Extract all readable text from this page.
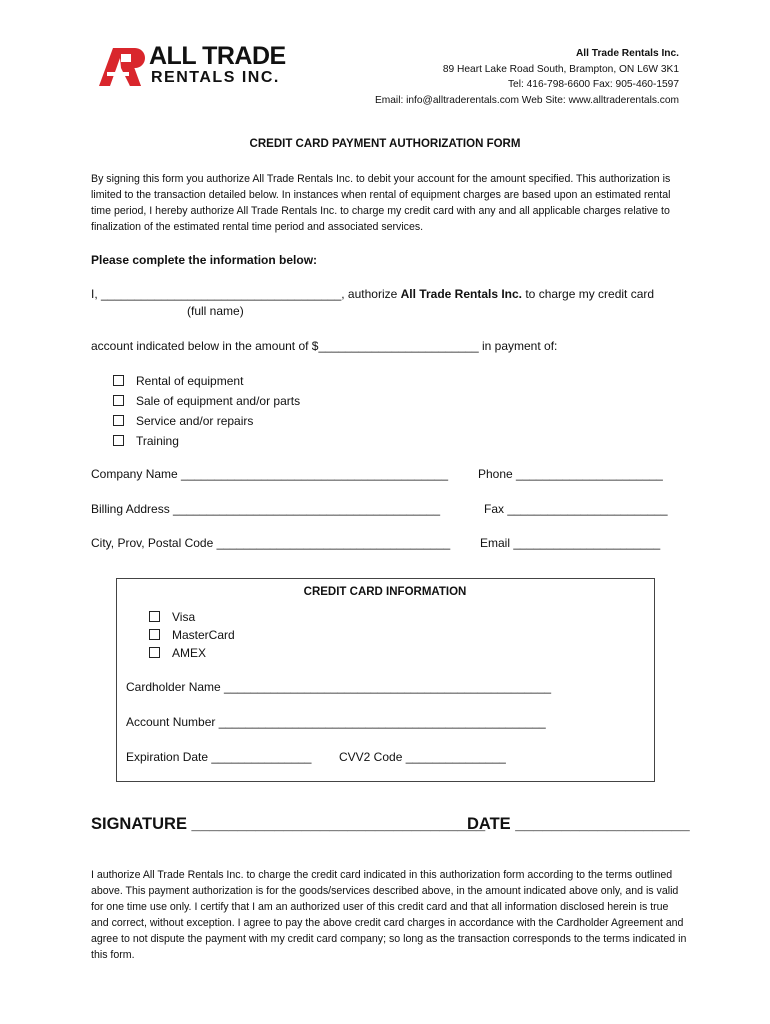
ALL TRADE
RENTALS INC.
All Trade Rentals Inc.
89 Heart Lake Road South, Brampton, ON L6W 3K1
Tel: 416-798-6600 Fax: 905-460-1597
Email: info@alltraderentals.com Web Site: www.alltraderentals.com
CREDIT CARD PAYMENT AUTHORIZATION FORM
By signing this form you authorize All Trade Rentals Inc. to debit your account for the amount specified. This authorization is limited to the transaction detailed below. In instances when rental of equipment charges are based upon an estimated rental time period, I hereby authorize All Trade Rentals Inc. to charge my credit card with any and all applicable charges relative to finalization of the estimated rental time period and associated services.
Please complete the information below:
I, ____________________________________, authorize All Trade Rentals Inc. to charge my credit card
(full name)
account indicated below in the amount of $________________________ in payment of:
Rental of equipment
Sale of equipment and/or parts
Service and/or repairs
Training
Company Name ________________________________________	Phone ______________________
Billing Address ________________________________________	Fax ________________________
City, Prov, Postal Code ___________________________________ Email ______________________
CREDIT CARD INFORMATION
Visa
MasterCard
AMEX
Cardholder Name _________________________________________________
Account Number _________________________________________________
Expiration Date _______________ CVV2 Code _______________
SIGNATURE ________________________________
DATE ___________________
I authorize All Trade Rentals Inc. to charge the credit card indicated in this authorization form according to the terms outlined above. This payment authorization is for the goods/services described above, in the amount indicated above only, and is valid for one time use only. I certify that I am an authorized user of this credit card and that all information disclosed herein is true and correct, without exception. I agree to pay the above credit card charges in accordance with the Cardholder Agreement and agree to not dispute the payment with my credit card company; so long as the transaction corresponds to the terms indicated in this form.
